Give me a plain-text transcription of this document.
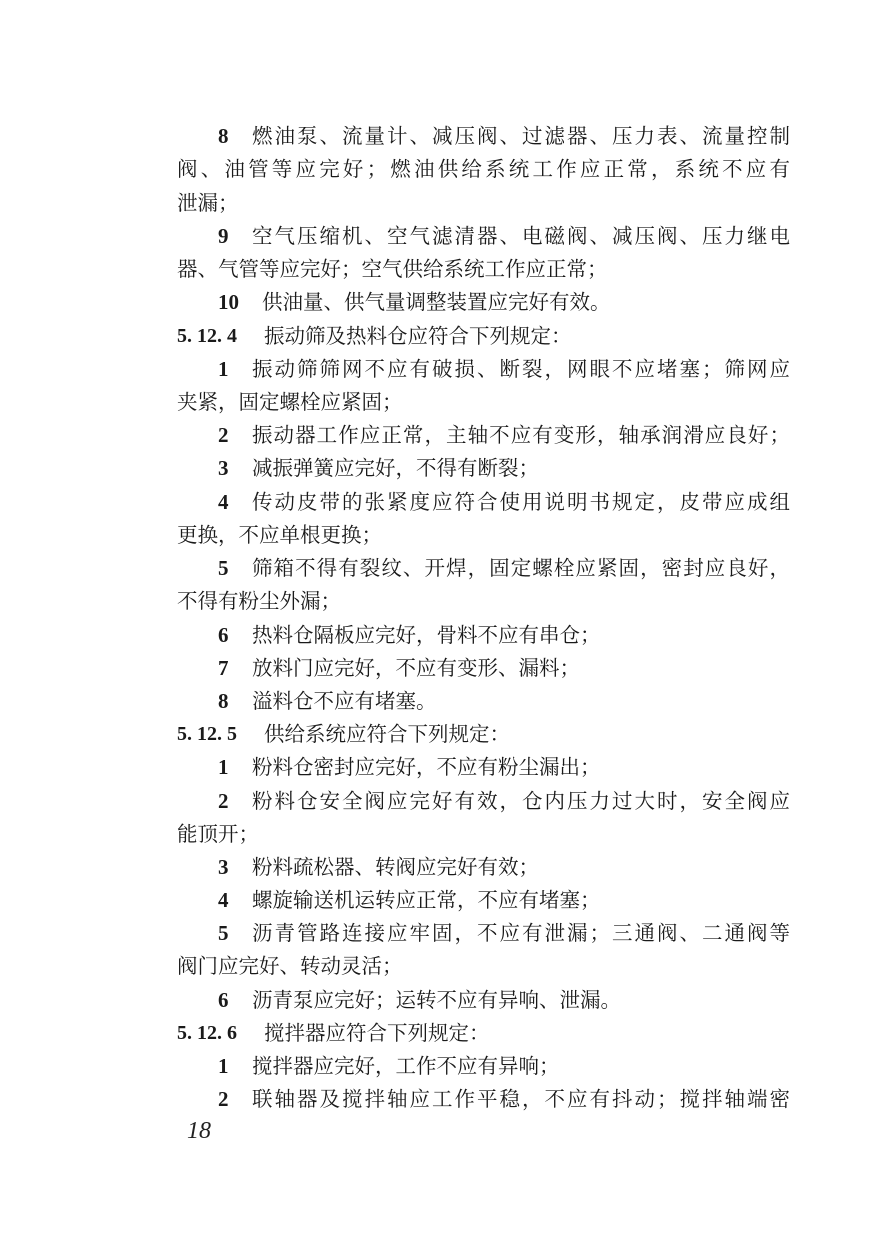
8 燃油泵、流量计、减压阀、过滤器、压力表、流量控制
阀、油管等应完好；燃油供给系统工作应正常，系统不应有
泄漏；
9 空气压缩机、空气滤清器、电磁阀、减压阀、压力继电
器、气管等应完好；空气供给系统工作应正常；
10 供油量、供气量调整装置应完好有效。
5. 12. 4 振动筛及热料仓应符合下列规定：
1 振动筛筛网不应有破损、断裂，网眼不应堵塞；筛网应
夹紧，固定螺栓应紧固；
2 振动器工作应正常，主轴不应有变形，轴承润滑应良好；
3 减振弹簧应完好，不得有断裂；
4 传动皮带的张紧度应符合使用说明书规定，皮带应成组
更换，不应单根更换；
5 筛箱不得有裂纹、开焊，固定螺栓应紧固，密封应良好，
不得有粉尘外漏；
6 热料仓隔板应完好，骨料不应有串仓；
7 放料门应完好，不应有变形、漏料；
8 溢料仓不应有堵塞。
5. 12. 5 供给系统应符合下列规定：
1 粉料仓密封应完好，不应有粉尘漏出；
2 粉料仓安全阀应完好有效，仓内压力过大时，安全阀应
能顶开；
3 粉料疏松器、转阀应完好有效；
4 螺旋输送机运转应正常，不应有堵塞；
5 沥青管路连接应牢固，不应有泄漏；三通阀、二通阀等
阀门应完好、转动灵活；
6 沥青泵应完好；运转不应有异响、泄漏。
5. 12. 6 搅拌器应符合下列规定：
1 搅拌器应完好，工作不应有异响；
2 联轴器及搅拌轴应工作平稳，不应有抖动；搅拌轴端密
18
